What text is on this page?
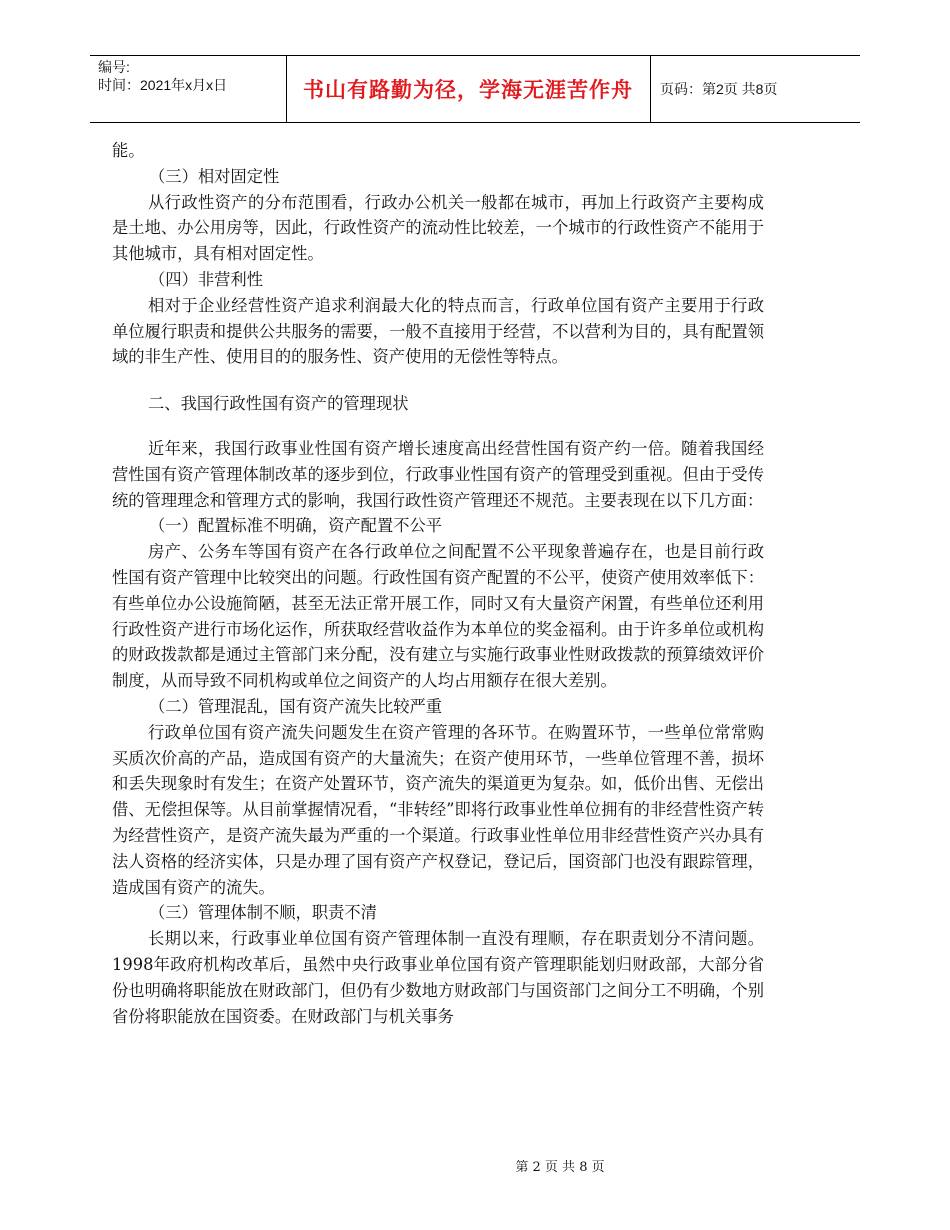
编号:
时间：2021年x月x日	书山有路勤为径，学海无涯苦作舟	页码：第2页 共8页

能。

（三）相对固定性

从行政性资产的分布范围看，行政办公机关一般都在城市，再加上行政资产主要构成是土地、办公用房等，因此，行政性资产的流动性比较差，一个城市的行政性资产不能用于其他城市，具有相对固定性。

（四）非营利性

相对于企业经营性资产追求利润最大化的特点而言，行政单位国有资产主要用于行政单位履行职责和提供公共服务的需要，一般不直接用于经营，不以营利为目的，具有配置领域的非生产性、使用目的的服务性、资产使用的无偿性等特点。

二、我国行政性国有资产的管理现状

近年来，我国行政事业性国有资产增长速度高出经营性国有资产约一倍。随着我国经营性国有资产管理体制改革的逐步到位，行政事业性国有资产的管理受到重视。但由于受传统的管理理念和管理方式的影响，我国行政性资产管理还不规范。主要表现在以下几方面：

（一）配置标准不明确，资产配置不公平

房产、公务车等国有资产在各行政单位之间配置不公平现象普遍存在，也是目前行政性国有资产管理中比较突出的问题。行政性国有资产配置的不公平，使资产使用效率低下：有些单位办公设施简陋，甚至无法正常开展工作，同时又有大量资产闲置，有些单位还利用行政性资产进行市场化运作，所获取经营收益作为本单位的奖金福利。由于许多单位或机构的财政拨款都是通过主管部门来分配，没有建立与实施行政事业性财政拨款的预算绩效评价制度，从而导致不同机构或单位之间资产的人均占用额存在很大差别。

（二）管理混乱，国有资产流失比较严重

行政单位国有资产流失问题发生在资产管理的各环节。在购置环节，一些单位常常购买质次价高的产品，造成国有资产的大量流失；在资产使用环节，一些单位管理不善，损坏和丢失现象时有发生；在资产处置环节，资产流失的渠道更为复杂。如，低价出售、无偿出借、无偿担保等。从目前掌握情况看，“非转经”即将行政事业性单位拥有的非经营性资产转为经营性资产，是资产流失最为严重的一个渠道。行政事业性单位用非经营性资产兴办具有法人资格的经济实体，只是办理了国有资产产权登记，登记后，国资部门也没有跟踪管理，造成国有资产的流失。

（三）管理体制不顺，职责不清

长期以来，行政事业单位国有资产管理体制一直没有理顺，存在职责划分不清问题。1998年政府机构改革后，虽然中央行政事业单位国有资产管理职能划归财政部，大部分省份也明确将职能放在财政部门，但仍有少数地方财政部门与国资部门之间分工不明确，个别省份将职能放在国资委。在财政部门与机关事务

第 2 页 共 8 页
